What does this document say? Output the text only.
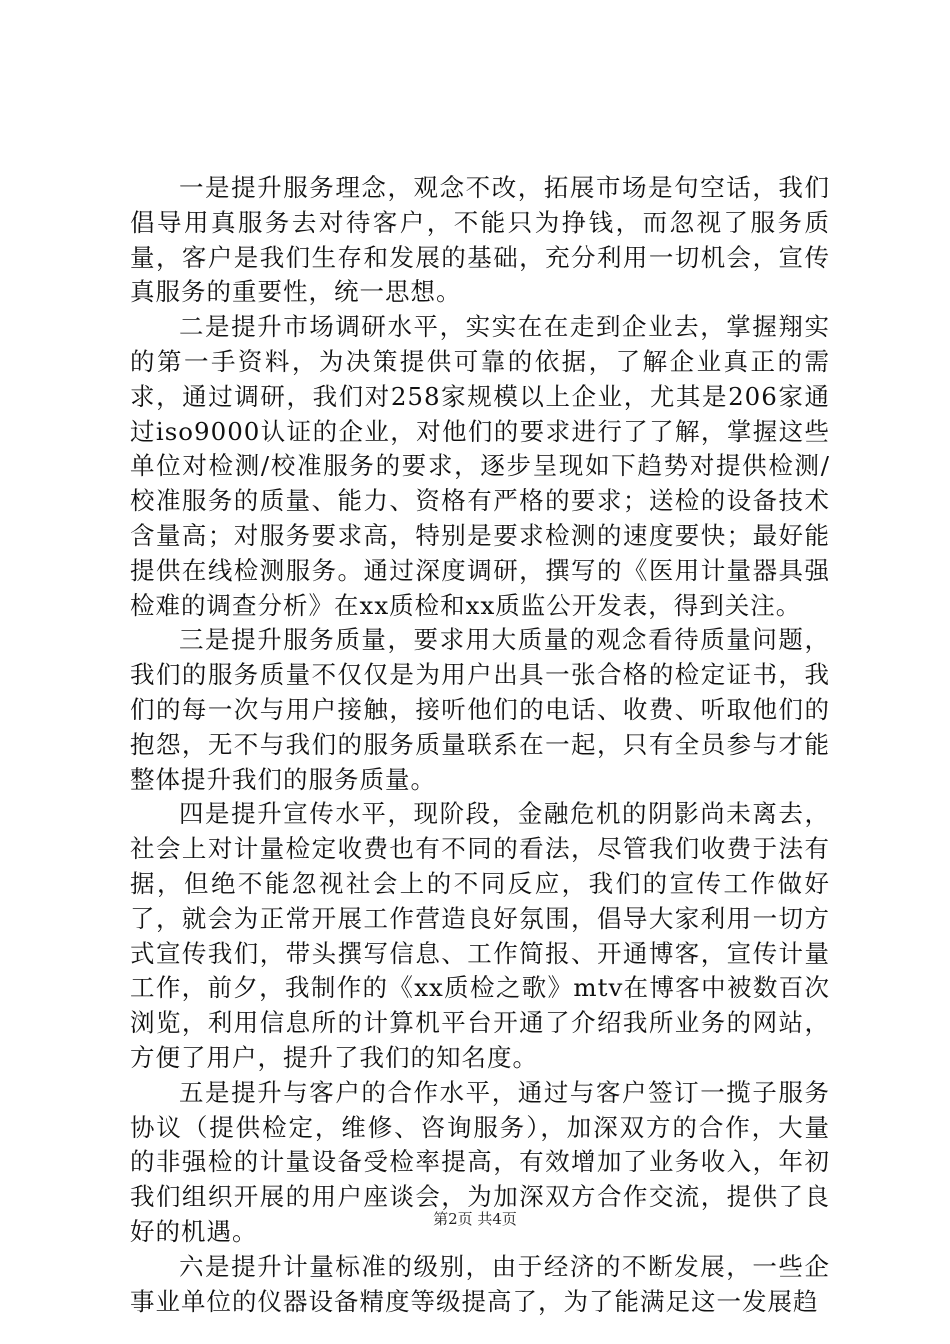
一是提升服务理念，观念不改，拓展市场是句空话，我们倡导用真服务去对待客户，不能只为挣钱，而忽视了服务质量，客户是我们生存和发展的基础，充分利用一切机会，宣传真服务的重要性，统一思想。

二是提升市场调研水平，实实在在走到企业去，掌握翔实的第一手资料，为决策提供可靠的依据，了解企业真正的需求，通过调研，我们对258家规模以上企业，尤其是206家通过iso9000认证的企业，对他们的要求进行了了解，掌握这些单位对检测/校准服务的要求，逐步呈现如下趋势对提供检测/校准服务的质量、能力、资格有严格的要求；送检的设备技术含量高；对服务要求高，特别是要求检测的速度要快；最好能提供在线检测服务。通过深度调研，撰写的《医用计量器具强检难的调查分析》在xx质检和xx质监公开发表，得到关注。

三是提升服务质量，要求用大质量的观念看待质量问题，我们的服务质量不仅仅是为用户出具一张合格的检定证书，我们的每一次与用户接触，接听他们的电话、收费、听取他们的抱怨，无不与我们的服务质量联系在一起，只有全员参与才能整体提升我们的服务质量。

四是提升宣传水平，现阶段，金融危机的阴影尚未离去，社会上对计量检定收费也有不同的看法，尽管我们收费于法有据，但绝不能忽视社会上的不同反应，我们的宣传工作做好了，就会为正常开展工作营造良好氛围，倡导大家利用一切方式宣传我们，带头撰写信息、工作简报、开通博客，宣传计量工作，前夕，我制作的《xx质检之歌》mtv在博客中被数百次浏览，利用信息所的计算机平台开通了介绍我所业务的网站，方便了用户，提升了我们的知名度。

五是提升与客户的合作水平，通过与客户签订一揽子服务协议（提供检定，维修、咨询服务），加深双方的合作，大量的非强检的计量设备受检率提高，有效增加了业务收入，年初我们组织开展的用户座谈会，为加深双方合作交流，提供了良好的机遇。

六是提升计量标准的级别，由于经济的不断发展，一些企事业单位的仪器设备精度等级提高了，为了能满足这一发展趋

第2页 共4页
